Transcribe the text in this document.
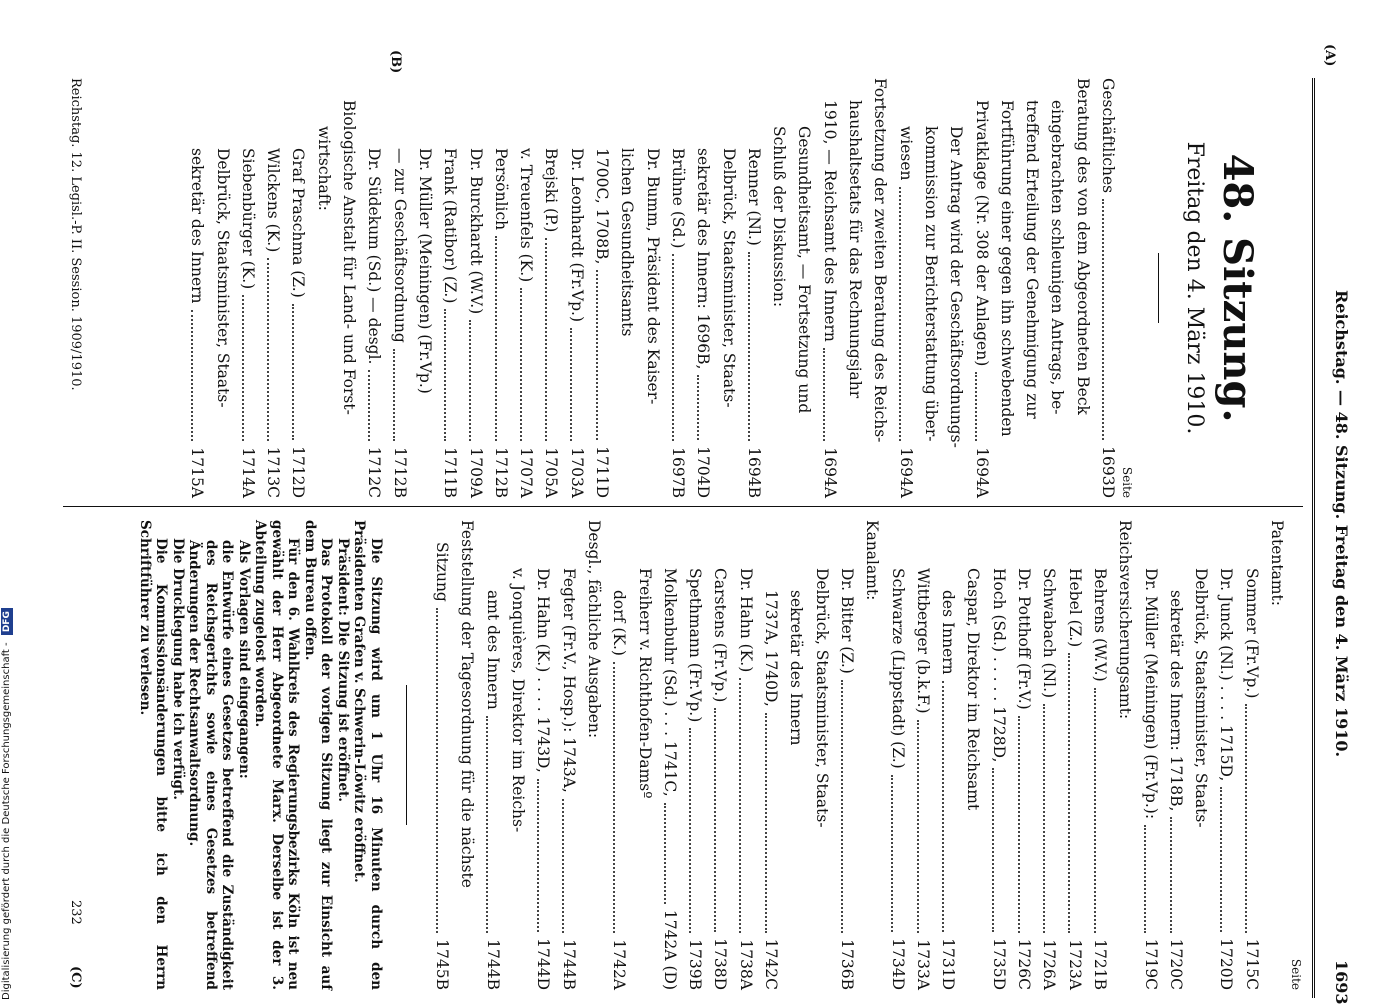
Reichstag. — 48. Sitzung. Freitag den 4. März 1910.
1693
(A)
(B)
(C)
48. Sitzung.
Freitag den 4. März 1910.
Seite
Geschäftliches
1693D
Beratung des von dem Abgeordneten Beck
eingebrachten schleunigen Antrags, be-
treffend Erteilung der Genehmigung zur
Fortführung einer gegen ihn schwebenden
Privatklage (Nr. 308 der Anlagen)
1694A
Der Antrag wird der Geschäftsordnungs-
kommission zur Berichterstattung über-
wiesen
1694A
Fortsetzung der zweiten Beratung des Reichs-
haushaltsetats für das Rechnungsjahr
1910, — Reichsamt des Innern
1694A
Gesundheitsamt, — Fortsetzung und
Schluß der Diskussion:
Renner (Nl.)
1694B
Delbrück, Staatsminister, Staats-
sekretär des Innern: 1696B,
1704D
Brühne (Sd.)
1697B
Dr. Bumm, Präsident des Kaiser-
lichen Gesundheitsamts
1700C, 1708B,
1711D
Dr. Leonhardt (Fr.Vp.)
1703A
Brejski (P.)
1705A
v. Treuenfels (K.)
1707A
Persönlich
1712B
Dr. Burckhardt (W.V.)
1709A
Frank (Ratibor) (Z.)
1711B
Dr. Müller (Meiningen) (Fr.Vp.)
— zur Geschäftsordnung
1712B
Dr. Südekum (Sd.) — desgl.
1712C
Biologische Anstalt für Land- und Forst-
wirtschaft:
Graf Praschma (Z.)
1712D
Wilckens (K.)
1713C
Siebenbürger (K.)
1714A
Delbrück, Staatsminister, Staats-
sekretär des Innern
1715A
Seite
Patentamt:
Sommer (Fr.Vp.)
1715C
Dr. Junck (Nl.) . . . . 1715D,
1720D
Delbrück, Staatsminister, Staats-
sekretär des Innern: 1718B,
1720C
Dr. Müller (Meiningen) (Fr.Vp.):
1719C
Reichsversicherungsamt:
Behrens (W.V.)
1721B
Hebel (Z.)
1723A
Schwabach (Nl.)
1726A
Dr. Potthoff (Fr.V.)
1726C
Hoch (Sd.) . . . . . 1728D,
1735D
Caspar, Direktor im Reichsamt
des Innern
1731D
Wittberger (b.k.F.)
1733A
Schwarze (Lippstadt) (Z.)
1734D
Kanalamt:
Dr. Bitter (Z.)
1736B
Delbrück, Staatsminister, Staats-
sekretär des Innern
1737A, 1740D,
1742C
Dr. Hahn (K.)
1738A
Carstens (Fr.Vp.)
1738D
Spethmann (Fr.Vp.)
1739B
Molkenbuhr (Sd.) . . . 1741C,
1742A (D)
Freiherr v. Richthofen-Damsº
dorf (K.)
1742A
Desgl., fächliche Ausgaben:
Fegter (Fr.V., Hosp.): 1743A,
1744B
Dr. Hahn (K.) . . . . 1743D,
1744D
v. Jonquières, Direktor im Reichs-
amt des Innern
1744B
Feststellung der Tagesordnung für die nächste
Sitzung
1745B

Die Sitzung wird um 1 Uhr 16 Minuten durch den Präsidenten Grafen v. Schwerin-Löwitz eröffnet.

Präsident: Die Sitzung ist eröffnet.

Das Protokoll der vorigen Sitzung liegt zur Einsicht auf dem Bureau offen.

Für den 6. Wahlkreis des Regierungsbezirks Köln ist neu gewählt der Herr Abgeordnete Marx. Derselbe ist der 3. Abteilung zugelost worden.

Als Vorlagen sind eingegangen:

die Entwürfe eines Gesetzes betreffend die Zuständigkeit des Reichsgerichts sowie eines Gesetzes betreffend Änderungen der Rechtsanwaltsordnung.

Die Drucklegung habe ich verfügt.

Die Kommissionsänderungen bitte ich den Herrn Schriftführer zu verlesen.

Reichstag. 12. Legisl.-P. II. Session. 1909/1910.
232
Digitalisierung gefördert durch die Deutsche Forschungsgemeinschaft - DFG
